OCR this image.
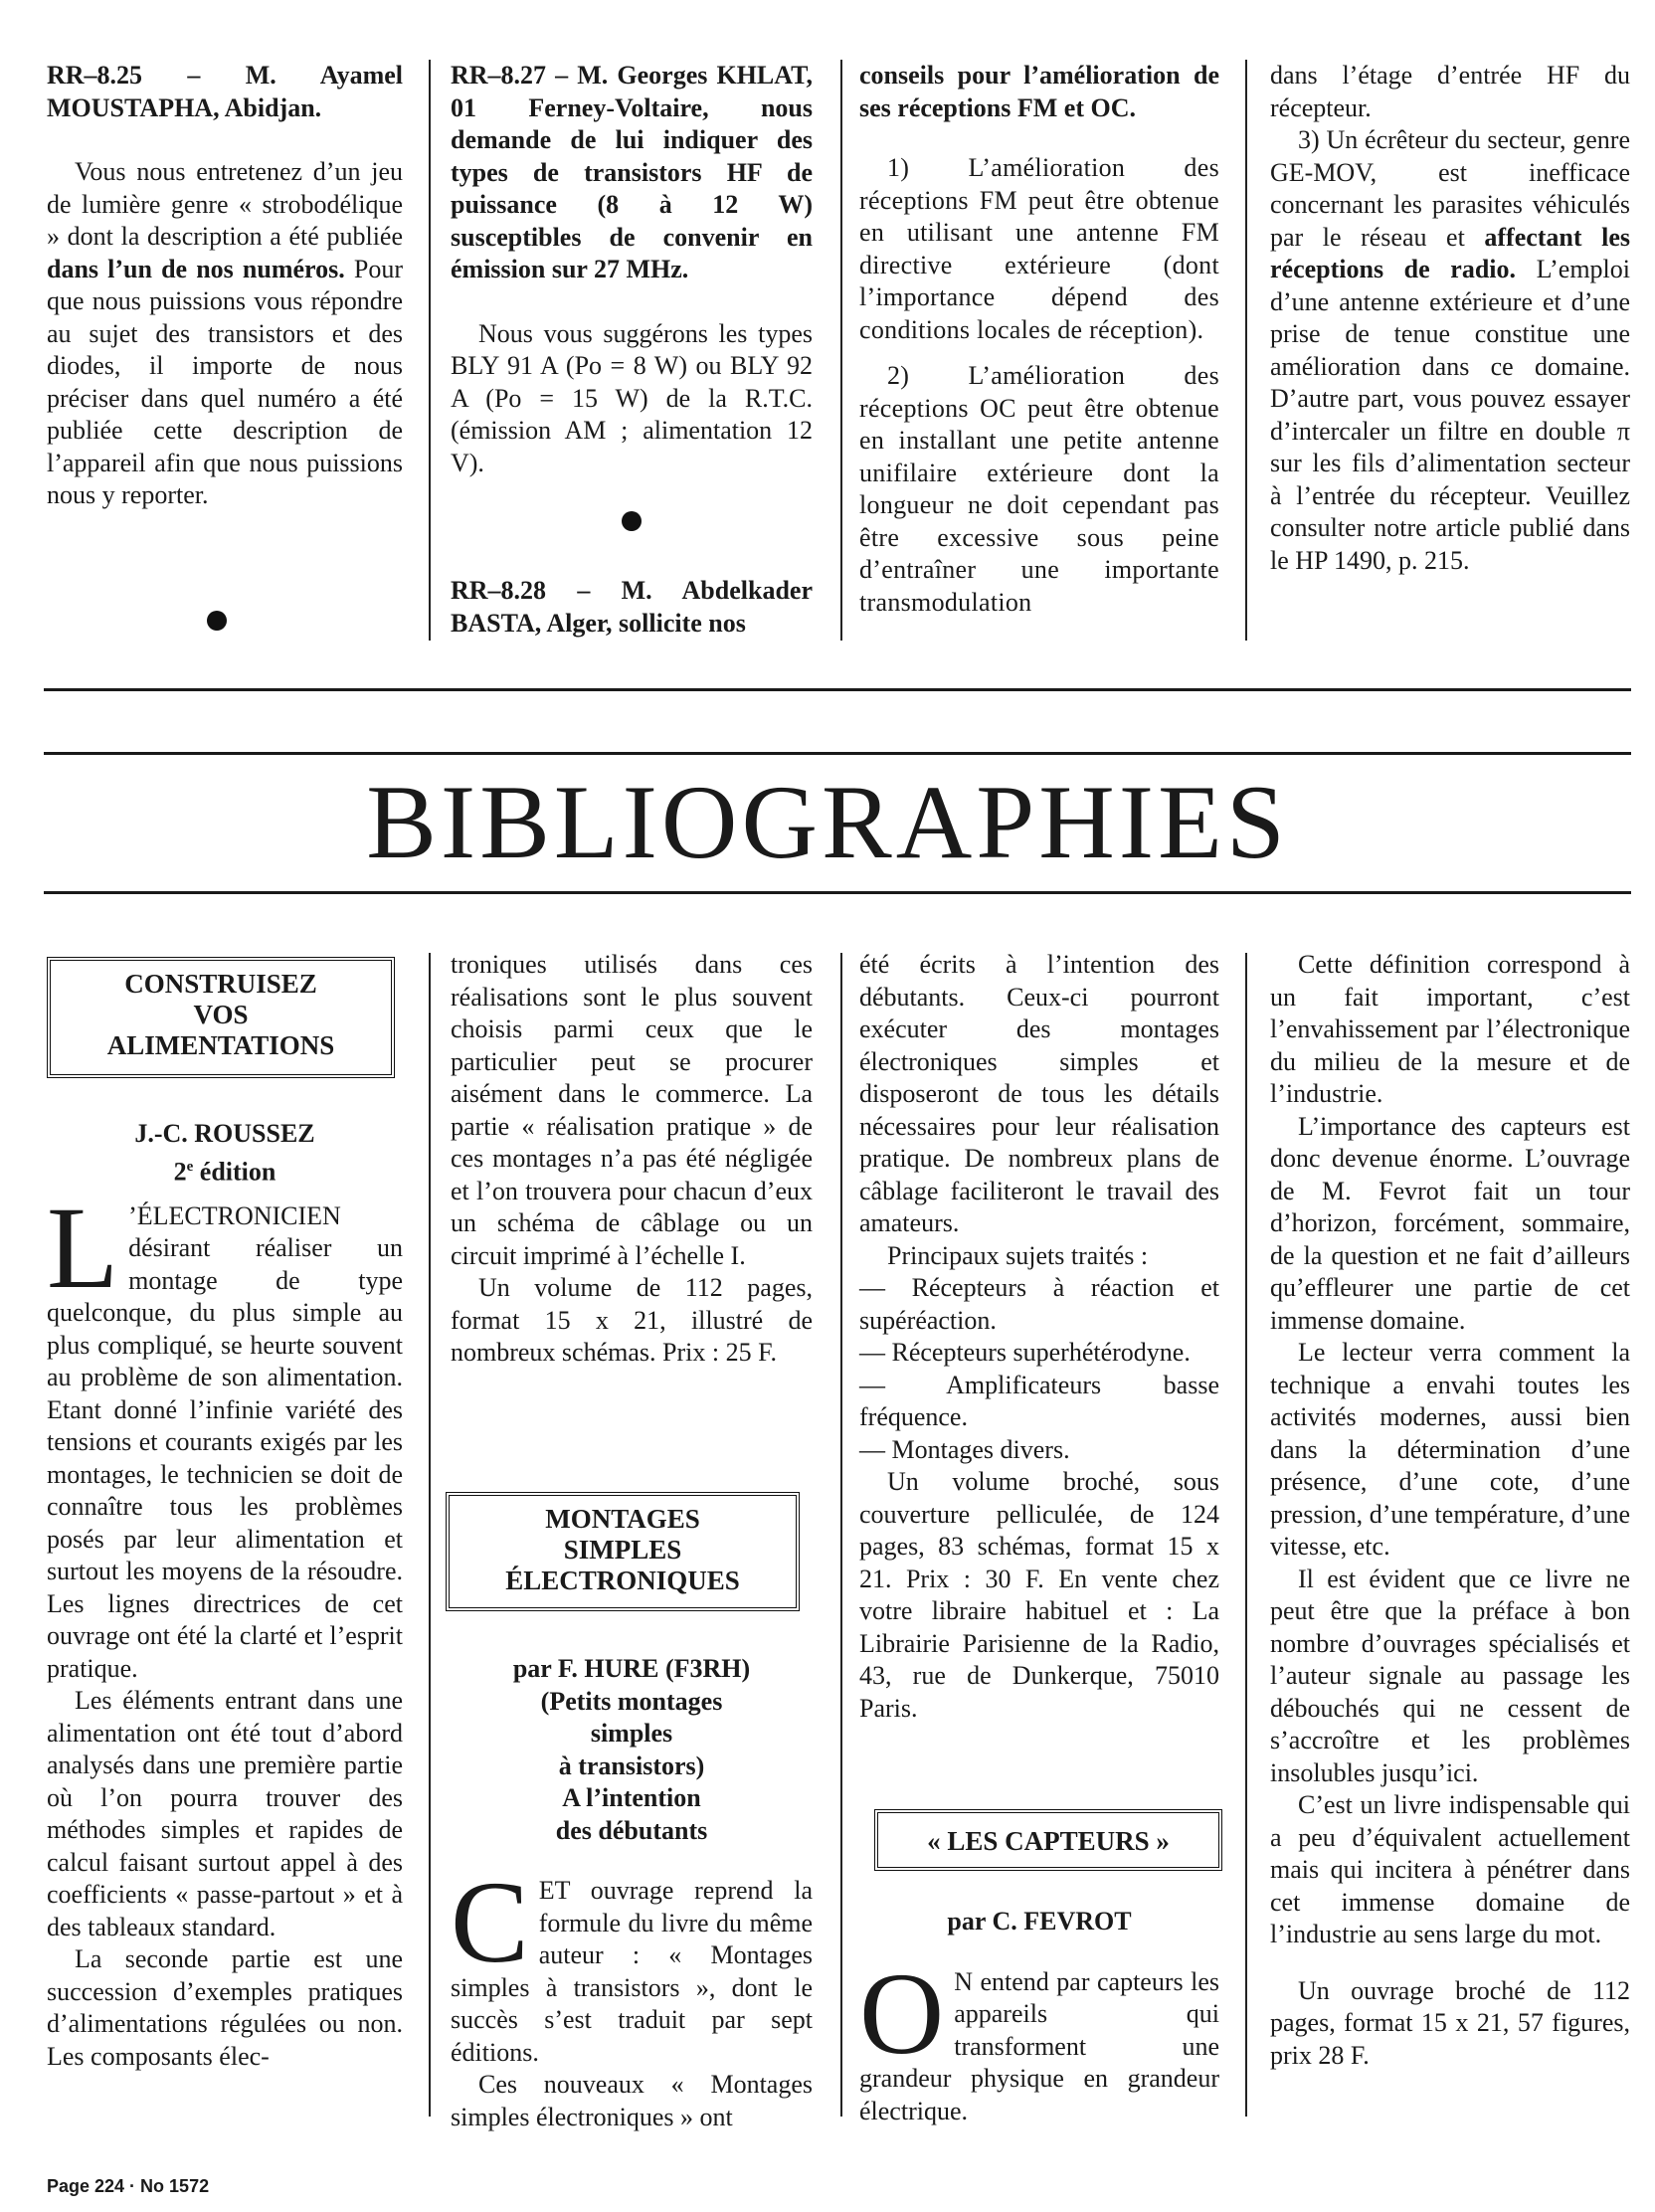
RR–8.25 – M. Ayamel MOUSTAPHA, Abidjan.

Vous nous entretenez d’un jeu de lumière genre « strobodélique » dont la description a été publiée dans l’un de nos numéros. Pour que nous puissions vous répondre au sujet des transistors et des diodes, il importe de nous préciser dans quel numéro a été publiée cette description de l’appareil afin que nous puissions nous y reporter.

RR–8.27 – M. Georges KHLAT, 01 Ferney-Voltaire, nous demande de lui indiquer des types de transistors HF de puissance (8 à 12 W) susceptibles de convenir en émission sur 27 MHz.

Nous vous suggérons les types BLY 91 A (Po = 8 W) ou BLY 92 A (Po = 15 W) de la R.T.C. (émission AM ; alimentation 12 V).

RR–8.28 – M. Abdelkader BASTA, Alger, sollicite nos

conseils pour l’amélioration de ses réceptions FM et OC.

1) L’amélioration des réceptions FM peut être obtenue en utilisant une antenne FM directive extérieure (dont l’importance dépend des conditions locales de réception).

2) L’amélioration des réceptions OC peut être obtenue en installant une petite antenne unifilaire extérieure dont la longueur ne doit cependant pas être excessive sous peine d’entraîner une importante transmodulation

dans l’étage d’entrée HF du récepteur.

3) Un écrêteur du secteur, genre GE-MOV, est inefficace concernant les parasites véhiculés par le réseau et affectant les réceptions de radio. L’emploi d’une antenne extérieure et d’une prise de tenue constitue une amélioration dans ce domaine. D’autre part, vous pouvez essayer d’intercaler un filtre en double π sur les fils d’alimentation secteur à l’entrée du récepteur. Veuillez consulter notre article publié dans le HP 1490, p. 215.

BIBLIOGRAPHIES
CONSTRUISEZ
VOS
ALIMENTATIONS

J.-C. ROUSSEZ

2e édition

L ’ÉLECTRONICIEN désirant réaliser un montage de type quelconque, du plus simple au plus compliqué, se heurte souvent au problème de son alimentation. Etant donné l’infinie variété des tensions et courants exigés par les montages, le technicien se doit de connaître tous les problèmes posés par leur alimentation et surtout les moyens de la résoudre. Les lignes directrices de cet ouvrage ont été la clarté et l’esprit pratique.

Les éléments entrant dans une alimentation ont été tout d’abord analysés dans une première partie où l’on pourra trouver des méthodes simples et rapides de calcul faisant surtout appel à des coefficients « passe-partout » et à des tableaux standard.

La seconde partie est une succession d’exemples pratiques d’alimentations régulées ou non. Les composants élec-

troniques utilisés dans ces réalisations sont le plus souvent choisis parmi ceux que le particulier peut se procurer aisément dans le commerce. La partie « réalisation pratique » de ces montages n’a pas été négligée et l’on trouvera pour chacun d’eux un schéma de câblage ou un circuit imprimé à l’échelle I.

Un volume de 112 pages, format 15 x 21, illustré de nombreux schémas. Prix : 25 F.

MONTAGES
SIMPLES
ÉLECTRONIQUES

par F. HURE (F3RH)

(Petits montages

simples

à transistors)

A l’intention

des débutants

CET ouvrage reprend la formule du livre du même auteur : « Montages simples à transistors », dont le succès s’est traduit par sept éditions.

Ces nouveaux « Montages simples électroniques » ont

été écrits à l’intention des débutants. Ceux-ci pourront exécuter des montages électroniques simples et disposeront de tous les détails nécessaires pour leur réalisation pratique. De nombreux plans de câblage faciliteront le travail des amateurs.

Principaux sujets traités :

— Récepteurs à réaction et supéréaction.

— Récepteurs superhétérodyne.

— Amplificateurs basse fréquence.

— Montages divers.

Un volume broché, sous couverture pelliculée, de 124 pages, 83 schémas, format 15 x 21. Prix : 30 F. En vente chez votre libraire habituel et : La Librairie Parisienne de la Radio, 43, rue de Dunkerque, 75010 Paris.

« LES CAPTEURS »

par C. FEVROT

O N entend par capteurs les appareils qui transforment une grandeur physique en grandeur électrique.

Cette définition correspond à un fait important, c’est l’envahissement par l’électronique du milieu de la mesure et de l’industrie.

L’importance des capteurs est donc devenue énorme. L’ouvrage de M. Fevrot fait un tour d’horizon, forcément, sommaire, de la question et ne fait d’ailleurs qu’effleurer une partie de cet immense domaine.

Le lecteur verra comment la technique a envahi toutes les activités modernes, aussi bien dans la détermination d’une présence, d’une cote, d’une pression, d’une température, d’une vitesse, etc.

Il est évident que ce livre ne peut être que la préface à bon nombre d’ouvrages spécialisés et l’auteur signale au passage les débouchés qui ne cessent de s’accroître et les problèmes insolubles jusqu’ici.

C’est un livre indispensable qui a peu d’équivalent actuellement mais qui incitera à pénétrer dans cet immense domaine de l’industrie au sens large du mot.

Un ouvrage broché de 112 pages, format 15 x 21, 57 figures, prix 28 F.

Page 224 · No 1572
